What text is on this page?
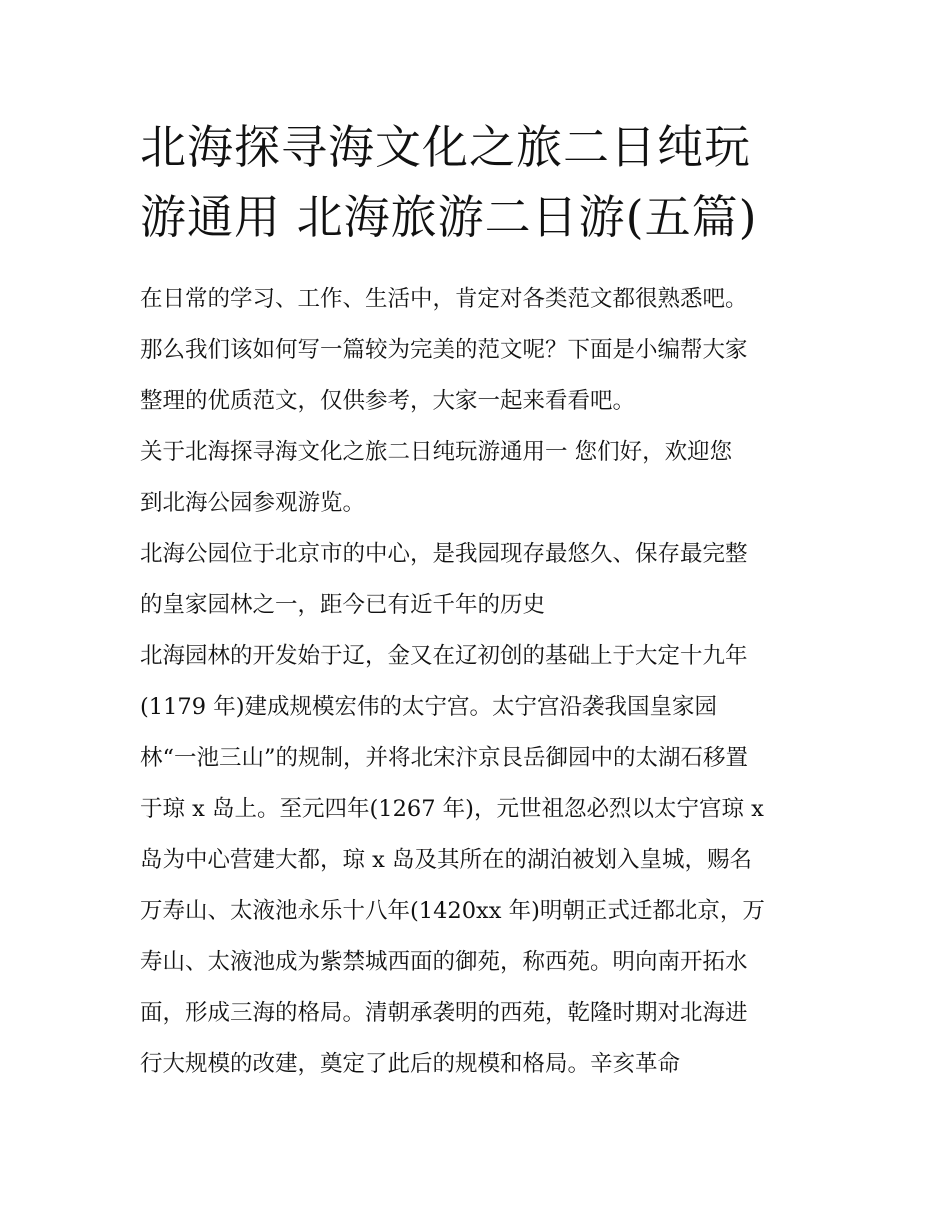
北海探寻海文化之旅二日纯玩
游通用 北海旅游二日游(五篇)
在日常的学习、工作、生活中，肯定对各类范文都很熟悉吧。
那么我们该如何写一篇较为完美的范文呢？下面是小编帮大家
整理的优质范文，仅供参考，大家一起来看看吧。
关于北海探寻海文化之旅二日纯玩游通用一 您们好，欢迎您
到北海公园参观游览。
北海公园位于北京市的中心，是我园现存最悠久、保存最完整
的皇家园林之一，距今已有近千年的历史
北海园林的开发始于辽，金又在辽初创的基础上于大定十九年
(1179 年)建成规模宏伟的太宁宫。太宁宫沿袭我国皇家园
林“一池三山”的规制，并将北宋汴京艮岳御园中的太湖石移置
于琼 x 岛上。至元四年(1267 年)，元世祖忽必烈以太宁宫琼 x
岛为中心营建大都，琼 x 岛及其所在的湖泊被划入皇城，赐名
万寿山、太液池永乐十八年(1420xx 年)明朝正式迁都北京，万
寿山、太液池成为紫禁城西面的御苑，称西苑。明向南开拓水
面，形成三海的格局。清朝承袭明的西苑，乾隆时期对北海进
行大规模的改建，奠定了此后的规模和格局。辛亥革命
